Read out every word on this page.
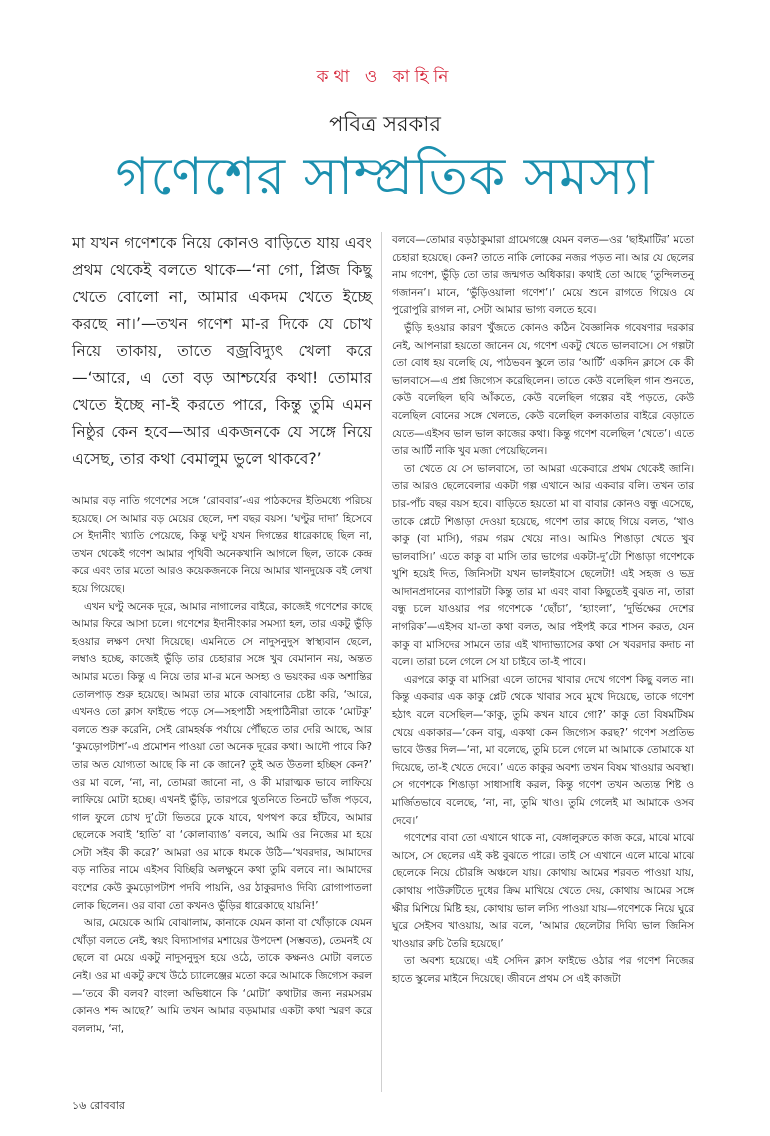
কথা ও কাহিনি
পবিত্র সরকার
গণেশের সাম্প্রতিক সমস্যা
মা যখন গণেশকে নিয়ে কোনও বাড়িতে যায় এবং প্রথম থেকেই বলতে থাকে—‘না গো, প্লিজ কিছু খেতে বোলো না, আমার একদম খেতে ইচ্ছে করছে না।’—তখন গণেশ মা-র দিকে যে চোখ নিয়ে তাকায়, তাতে বজ্রবিদ্যুৎ খেলা করে—‘আরে, এ তো বড় আশ্চর্যের কথা! তোমার খেতে ইচ্ছে না-ই করতে পারে, কিন্তু তুমি এমন নিষ্ঠুর কেন হবে—আর একজনকে যে সঙ্গে নিয়ে এসেছ, তার কথা বেমালুম ভুলে থাকবে?’

আমার বড় নাতি গণেশের সঙ্গে ‘রোববার’-এর পাঠকদের ইতিমধ্যে পরিচয় হয়েছে। সে আমার বড় মেয়ের ছেলে, দশ বছর বয়স। ‘ঘণ্টুর দাদা’ হিসেবে সে ইদানীং খ্যাতি পেয়েছে, কিন্তু ঘণ্টু যখন দিগন্তের ধারেকাছে ছিল না, তখন থেকেই গণেশ আমার পৃথিবী অনেকখানি আগলে ছিল, তাকে কেন্দ্র করে এবং তার মতো আরও কয়েকজনকে নিয়ে আমার খানদুয়েক বই লেখা হয়ে গিয়েছে।

এখন ঘণ্টু অনেক দূরে, আমার নাগালের বাইরে, কাজেই গণেশের কাছে আমার ফিরে আসা চলে। গণেশের ইদানীংকার সমস্যা হল, তার একটু ভুঁড়ি হওয়ার লক্ষণ দেখা দিয়েছে। এমনিতে সে নাদুসনুদুস স্বাস্থ্যবান ছেলে, লম্বাও হচ্ছে, কাজেই ভুঁড়ি তার চেহারার সঙ্গে খুব বেমানান নয়, অন্তত আমার মতে। কিন্তু এ নিয়ে তার মা-র মনে অসহ্য ও ভয়ংকর এক অশান্তির তোলপাড় শুরু হয়েছে। আমরা তার মাকে বোঝানোর চেষ্টা করি, ‘আরে, এখনও তো ক্লাস ফাইভে পড়ে সে—সহপাঠী সহপাঠিনীরা তাকে ‘মোটকু’ বলতে শুরু করেনি, সেই রোমহর্ষক পর্যায়ে পৌঁছতে তার দেরি আছে, আর ‘কুমড়োপটাশ’-এ প্রমোশন পাওয়া তো অনেক দূরের কথা। আদৌ পাবে কি? তার অত যোগ্যতা আছে কি না কে জানে? তুই অত উতলা হচ্ছিস কেন?’ ওর মা বলে, ‘না, না, তোমরা জানো না, ও কী মারাত্মক ভাবে লাফিয়ে লাফিয়ে মোটা হচ্ছে। এখনই ভুঁড়ি, তারপরে থুতনিতে তিনটে ভাঁজ পড়বে, গাল ফুলে চোখ দু’টো ভিতরে ঢুকে যাবে, থপথপ করে হাঁটবে, আমার ছেলেকে সবাই ‘হাতি’ বা ‘কোলাব্যাঙ’ বলবে, আমি ওর নিজের মা হয়ে সেটা সইব কী করে?’ আমরা ওর মাকে ধমকে উঠি—‘খবরদার, আমাদের বড় নাতির নামে এইসব বিচ্ছিরি অলক্ষুনে কথা তুমি বলবে না। আমাদের বংশের কেউ কুমড়োপটাশ পদবি পায়নি, ওর ঠাকুরদাও দিব্যি রোগাপাতলা লোক ছিলেন। ওর বাবা তো কখনও ভুঁড়ির ধারেকাছে যায়নি!’

আর, মেয়েকে আমি বোঝালাম, কানাকে যেমন কানা বা খোঁড়াকে যেমন খোঁড়া বলতে নেই, স্বয়ং বিদ্যাসাগর মশায়ের উপদেশ (সম্ভবত), তেমনই যে ছেলে বা মেয়ে একটু নাদুসনুদুস হয়ে ওঠে, তাকে কক্ষনও মোটা বলতে নেই। ওর মা একটু রুখে উঠে চ্যালেঞ্জের মতো করে আমাকে জিগ্যেস করল—‘তবে কী বলব? বাংলা অভিধানে কি ‘মোটা’ কথাটার জন্য নরমসরম কোনও শব্দ আছে?’ আমি তখন আমার বড়মামার একটা কথা স্মরণ করে বললাম, ‘না,

বলবে—তোমার বড়ঠাকুমারা গ্রামেগঞ্জে যেমন বলত—ওর ‘ছাইমাটির’ মতো চেহারা হয়েছে। কেন? তাতে নাকি লোকের নজর পড়ত না। আর যে ছেলের নাম গণেশ, ভুঁড়ি তো তার জন্মগত অধিকার। কথাই তো আছে ‘তুন্দিলতনু গজানন’। মানে, ‘ভুঁড়িওয়ালা গণেশ’।’ মেয়ে শুনে রাগতে গিয়েও যে পুরোপুরি রাগল না, সেটা আমার ভাগ্য বলতে হবে।

ভুঁড়ি হওয়ার কারণ খুঁজতে কোনও কঠিন বৈজ্ঞানিক গবেষণার দরকার নেই, আপনারা হয়তো জানেন যে, গণেশ একটু খেতে ভালবাসে। সে গল্পটা তো বোধ হয় বলেছি যে, পাঠভবন স্কুলে তার ‘আর্টি’ একদিন ক্লাসে কে কী ভালবাসে—এ প্রশ্ন জিগ্যেস করেছিলেন। তাতে কেউ বলেছিল গান শুনতে, কেউ বলেছিল ছবি আঁকতে, কেউ বলেছিল গল্পের বই পড়তে, কেউ বলেছিল বোনের সঙ্গে খেলতে, কেউ বলেছিল কলকাতার বাইরে বেড়াতে যেতে—এইসব ভাল ভাল কাজের কথা। কিন্তু গণেশ বলেছিল ‘খেতে’। এতে তার আর্টি নাকি খুব মজা পেয়েছিলেন।

তা খেতে যে সে ভালবাসে, তা আমরা একেবারে প্রথম থেকেই জানি। তার আরও ছেলেবেলার একটা গল্প এখানে আর একবার বলি। তখন তার চার-পাঁচ বছর বয়স হবে। বাড়িতে হয়তো মা বা বাবার কোনও বন্ধু এসেছে, তাকে প্লেটে শিঙাড়া দেওয়া হয়েছে, গণেশ তার কাছে গিয়ে বলত, ‘খাও কাকু (বা মাসি), গরম গরম খেয়ে নাও। আমিও শিঙাড়া খেতে খুব ভালবাসি।’ এতে কাকু বা মাসি তার ভাগের একটা-দু’টো শিঙাড়া গণেশকে খুশি হয়েই দিত, জিনিসটা যখন ভালইবাসে ছেলেটা! এই সহজ ও ভদ্র আদানপ্রদানের ব্যাপারটা কিন্তু তার মা এবং বাবা কিছুতেই বুঝত না, তারা বন্ধু চলে যাওয়ার পর গণেশকে ‘ছোঁচা’, ‘হ্যাংলা’, ‘দুর্ভিক্ষের দেশের নাগরিক’—এইসব যা-তা কথা বলত, আর পইপই করে শাসন করত, যেন কাকু বা মাসিদের সামনে তার এই খাদ্যাভ্যাসের কথা সে খবরদার কদাচ না বলে। তারা চলে গেলে সে যা চাইবে তা-ই পাবে।

এরপরে কাকু বা মাসিরা এলে তাদের খাবার দেখে গণেশ কিছু বলত না। কিন্তু একবার এক কাকু প্লেট থেকে খাবার সবে মুখে দিয়েছে, তাকে গণেশ হঠাৎ বলে বসেছিল—‘কাকু, তুমি কখন যাবে গো?’ কাকু তো বিষমটিষম খেয়ে একাকার—‘কেন বাবু, একথা কেন জিগ্যেস করছ?’ গণেশ সপ্রতিভ ভাবে উত্তর দিল—‘না, মা বলেছে, তুমি চলে গেলে মা আমাকে তোমাকে যা দিয়েছে, তা-ই খেতে দেবে।’ এতে কাকুর অবশ্য তখন বিষম খাওয়ার অবস্থা। সে গণেশকে শিঙাড়া সাধাসাধি করল, কিন্তু গণেশ তখন অত্যন্ত শিষ্ট ও মার্জিতভাবে বলেছে, ‘না, না, তুমি খাও। তুমি গেলেই মা আমাকে ওসব দেবে।’

গণেশের বাবা তো এখানে থাকে না, বেঙ্গালুরুতে কাজ করে, মাঝে মাঝে আসে, সে ছেলের এই কষ্ট বুঝতে পারে। তাই সে এখানে এলে মাঝে মাঝে ছেলেকে নিয়ে চৌরঙ্গি অঞ্চলে যায়। কোথায় আমের শরবত পাওয়া যায়, কোথায় পাউরুটিতে দুধের ক্রিম মাখিয়ে খেতে দেয়, কোথায় আমের সঙ্গে ক্ষীর মিশিয়ে মিষ্টি হয়, কোথায় ভাল লস্যি পাওয়া যায়—গণেশকে নিয়ে ঘুরে ঘুরে সেইসব খাওয়ায়, আর বলে, ‘আমার ছেলেটার দিব্যি ভাল জিনিস খাওয়ার রুচি তৈরি হয়েছে।’

তা অবশ্য হয়েছে। এই সেদিন ক্লাস ফাইভে ওঠার পর গণেশ নিজের হাতে স্কুলের মাইনে দিয়েছে। জীবনে প্রথম সে এই কাজটা

১৬ রোববার
